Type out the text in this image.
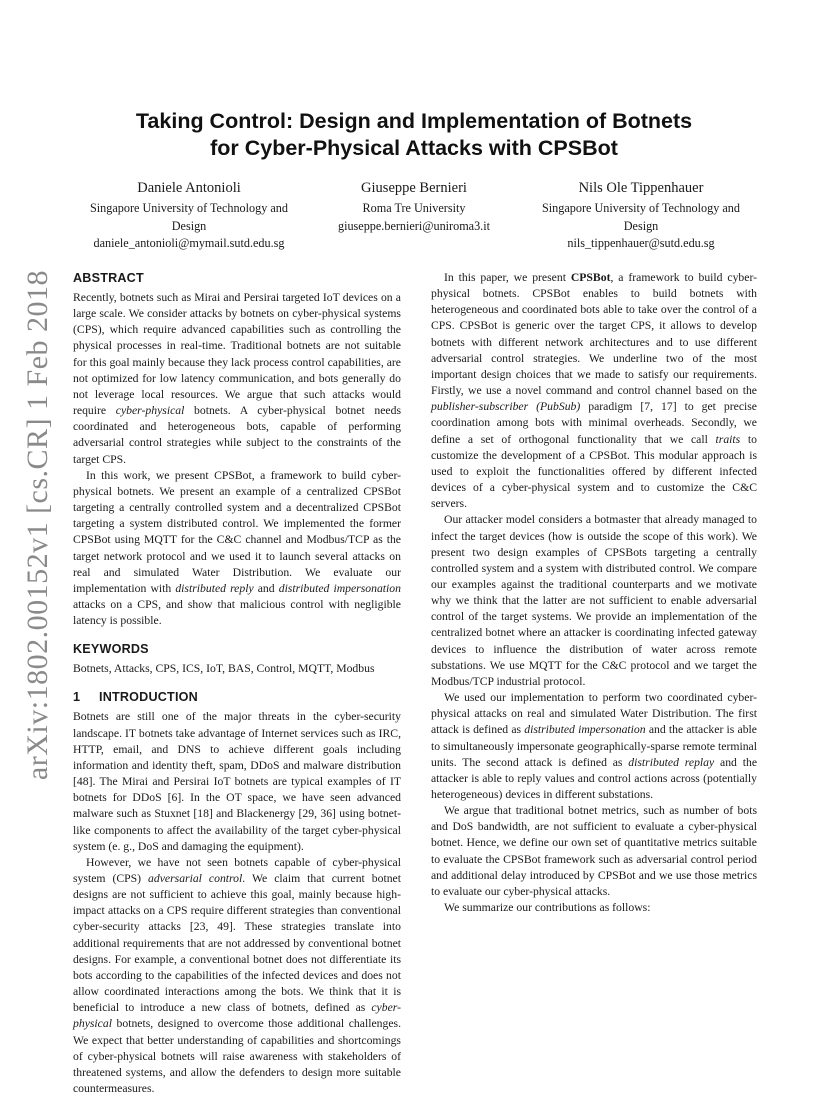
arXiv:1802.00152v1 [cs.CR] 1 Feb 2018
Taking Control: Design and Implementation of Botnets
for Cyber-Physical Attacks with CPSBot
Daniele Antonioli
Singapore University of Technology and Design
daniele_antonioli@mymail.sutd.edu.sg
Giuseppe Bernieri
Roma Tre University
giuseppe.bernieri@uniroma3.it
Nils Ole Tippenhauer
Singapore University of Technology and Design
nils_tippenhauer@sutd.edu.sg
ABSTRACT

Recently, botnets such as Mirai and Persirai targeted IoT devices on a large scale. We consider attacks by botnets on cyber-physical systems (CPS), which require advanced capabilities such as controlling the physical processes in real-time. Traditional botnets are not suitable for this goal mainly because they lack process control capabilities, are not optimized for low latency communication, and bots generally do not leverage local resources. We argue that such attacks would require cyber-physical botnets. A cyber-physical botnet needs coordinated and heterogeneous bots, capable of performing adversarial control strategies while subject to the constraints of the target CPS.

In this work, we present CPSBot, a framework to build cyber-physical botnets. We present an example of a centralized CPSBot targeting a centrally controlled system and a decentralized CPSBot targeting a system distributed control. We implemented the former CPSBot using MQTT for the C&C channel and Modbus/TCP as the target network protocol and we used it to launch several attacks on real and simulated Water Distribution. We evaluate our implementation with distributed reply and distributed impersonation attacks on a CPS, and show that malicious control with negligible latency is possible.

KEYWORDS

Botnets, Attacks, CPS, ICS, IoT, BAS, Control, MQTT, Modbus

1 INTRODUCTION

Botnets are still one of the major threats in the cyber-security landscape. IT botnets take advantage of Internet services such as IRC, HTTP, email, and DNS to achieve different goals including information and identity theft, spam, DDoS and malware distribution [48]. The Mirai and Persirai IoT botnets are typical examples of IT botnets for DDoS [6]. In the OT space, we have seen advanced malware such as Stuxnet [18] and Blackenergy [29, 36] using botnet-like components to affect the availability of the target cyber-physical system (e. g., DoS and damaging the equipment).

However, we have not seen botnets capable of cyber-physical system (CPS) adversarial control. We claim that current botnet designs are not sufficient to achieve this goal, mainly because high-impact attacks on a CPS require different strategies than conventional cyber-security attacks [23, 49]. These strategies translate into additional requirements that are not addressed by conventional botnet designs. For example, a conventional botnet does not differentiate its bots according to the capabilities of the infected devices and does not allow coordinated interactions among the bots. We think that it is beneficial to introduce a new class of botnets, defined as cyber-physical botnets, designed to overcome those additional challenges. We expect that better understanding of capabilities and shortcomings of cyber-physical botnets will raise awareness with stakeholders of threatened systems, and allow the defenders to design more suitable countermeasures.

In this paper, we present CPSBot, a framework to build cyber-physical botnets. CPSBot enables to build botnets with heterogeneous and coordinated bots able to take over the control of a CPS. CPSBot is generic over the target CPS, it allows to develop botnets with different network architectures and to use different adversarial control strategies. We underline two of the most important design choices that we made to satisfy our requirements. Firstly, we use a novel command and control channel based on the publisher-subscriber (PubSub) paradigm [7, 17] to get precise coordination among bots with minimal overheads. Secondly, we define a set of orthogonal functionality that we call traits to customize the development of a CPSBot. This modular approach is used to exploit the functionalities offered by different infected devices of a cyber-physical system and to customize the C&C servers.

Our attacker model considers a botmaster that already managed to infect the target devices (how is outside the scope of this work). We present two design examples of CPSBots targeting a centrally controlled system and a system with distributed control. We compare our examples against the traditional counterparts and we motivate why we think that the latter are not sufficient to enable adversarial control of the target systems. We provide an implementation of the centralized botnet where an attacker is coordinating infected gateway devices to influence the distribution of water across remote substations. We use MQTT for the C&C protocol and we target the Modbus/TCP industrial protocol.

We used our implementation to perform two coordinated cyber-physical attacks on real and simulated Water Distribution. The first attack is defined as distributed impersonation and the attacker is able to simultaneously impersonate geographically-sparse remote terminal units. The second attack is defined as distributed replay and the attacker is able to reply values and control actions across (potentially heterogeneous) devices in different substations.

We argue that traditional botnet metrics, such as number of bots and DoS bandwidth, are not sufficient to evaluate a cyber-physical botnet. Hence, we define our own set of quantitative metrics suitable to evaluate the CPSBot framework such as adversarial control period and additional delay introduced by CPSBot and we use those metrics to evaluate our cyber-physical attacks.

We summarize our contributions as follows:
